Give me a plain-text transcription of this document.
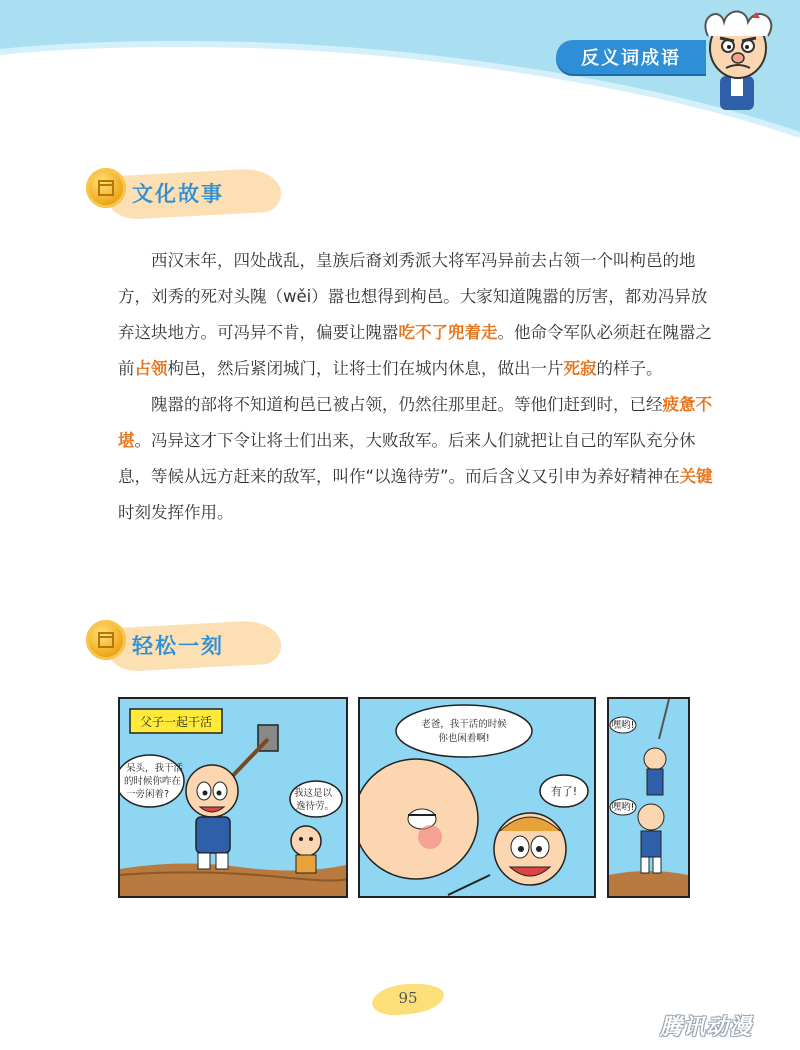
反义词成语
文化故事

西汉末年，四处战乱，皇族后裔刘秀派大将军冯异前去占领一个叫枸邑的地方，刘秀的死对头隗（wěi）嚣也想得到枸邑。大家知道隗嚣的厉害，都劝冯异放弃这块地方。可冯异不肯，偏要让隗嚣吃不了兜着走。他命令军队必须赶在隗嚣之前占领枸邑，然后紧闭城门，让将士们在城内休息，做出一片死寂的样子。

隗嚣的部将不知道枸邑已被占领，仍然往那里赶。等他们赶到时，已经疲惫不堪。冯异这才下令让将士们出来，大败敌军。后来人们就把让自己的军队充分休息，等候从远方赶来的敌军，叫作“以逸待劳”。而后含义又引申为养好精神在关键时刻发挥作用。

轻松一刻
父子一起干活
呆头，我干活
的时候你咋在
一旁闲着?	我这是以
逸待劳。
老爸，我干活的时候
你也闲着啊!
有了!
嘿哟!
嘿哟!
95
腾讯动漫
